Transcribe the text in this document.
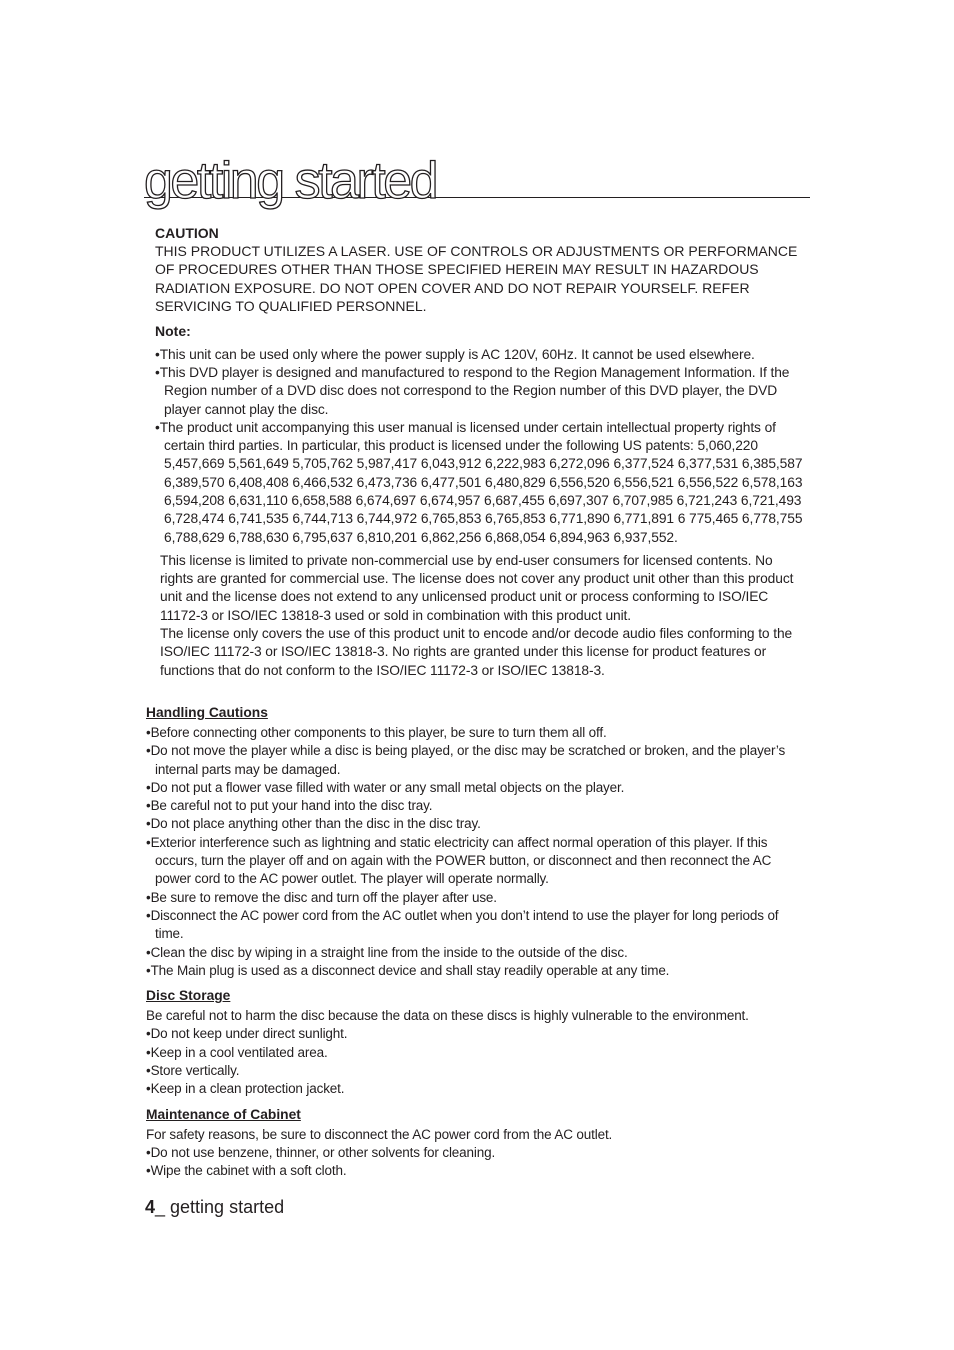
getting started
CAUTION

THIS PRODUCT UTILIZES A LASER. USE OF CONTROLS OR ADJUSTMENTS OR PERFORMANCE OF PROCEDURES OTHER THAN THOSE SPECIFIED HEREIN MAY RESULT IN HAZARDOUS RADIATION EXPOSURE. DO NOT OPEN COVER AND DO NOT REPAIR YOURSELF. REFER SERVICING TO QUALIFIED PERSONNEL.

Note:
• This unit can be used only where the power supply is AC 120V, 60Hz. It cannot be used elsewhere.
• This DVD player is designed and manufactured to respond to the Region Management Information. If the Region number of a DVD disc does not correspond to the Region number of this DVD player, the DVD player cannot play the disc.
• The product unit accompanying this user manual is licensed under certain intellectual property rights of certain third parties. In particular, this product is licensed under the following US patents: 5,060,220 5,457,669 5,561,649 5,705,762 5,987,417 6,043,912 6,222,983 6,272,096 6,377,524 6,377,531 6,385,587 6,389,570 6,408,408 6,466,532 6,473,736 6,477,501 6,480,829 6,556,520 6,556,521 6,556,522 6,578,163 6,594,208 6,631,110 6,658,588 6,674,697 6,674,957 6,687,455 6,697,307 6,707,985 6,721,243 6,721,493 6,728,474 6,741,535 6,744,713 6,744,972 6,765,853 6,765,853 6,771,890 6,771,891 6 775,465 6,778,755 6,788,629 6,788,630 6,795,637 6,810,201 6,862,256 6,868,054 6,894,963 6,937,552.

This license is limited to private non-commercial use by end-user consumers for licensed contents. No rights are granted for commercial use. The license does not cover any product unit other than this product unit and the license does not extend to any unlicensed product unit or process conforming to ISO/IEC 11172-3 or ISO/IEC 13818-3 used or sold in combination with this product unit.

The license only covers the use of this product unit to encode and/or decode audio files conforming to the ISO/IEC 11172-3 or ISO/IEC 13818-3. No rights are granted under this license for product features or functions that do not conform to the ISO/IEC 11172-3 or ISO/IEC 13818-3.

Handling Cautions
• Before connecting other components to this player, be sure to turn them all off.
• Do not move the player while a disc is being played, or the disc may be scratched or broken, and the player’s internal parts may be damaged.
• Do not put a flower vase filled with water or any small metal objects on the player.
• Be careful not to put your hand into the disc tray.
• Do not place anything other than the disc in the disc tray.
• Exterior interference such as lightning and static electricity can affect normal operation of this player. If this occurs, turn the player off and on again with the POWER button, or disconnect and then reconnect the AC power cord to the AC power outlet. The player will operate normally.
• Be sure to remove the disc and turn off the player after use.
• Disconnect the AC power cord from the AC outlet when you don’t intend to use the player for long periods of time.
• Clean the disc by wiping in a straight line from the inside to the outside of the disc.
• The Main plug is used as a disconnect device and shall stay readily operable at any time.
Disc Storage

Be careful not to harm the disc because the data on these discs is highly vulnerable to the environment.

• Do not keep under direct sunlight.
• Keep in a cool ventilated area.
• Store vertically.
• Keep in a clean protection jacket.
Maintenance of Cabinet

For safety reasons, be sure to disconnect the AC power cord from the AC outlet.

• Do not use benzene, thinner, or other solvents for cleaning.
• Wipe the cabinet with a soft cloth.
4_ getting started
